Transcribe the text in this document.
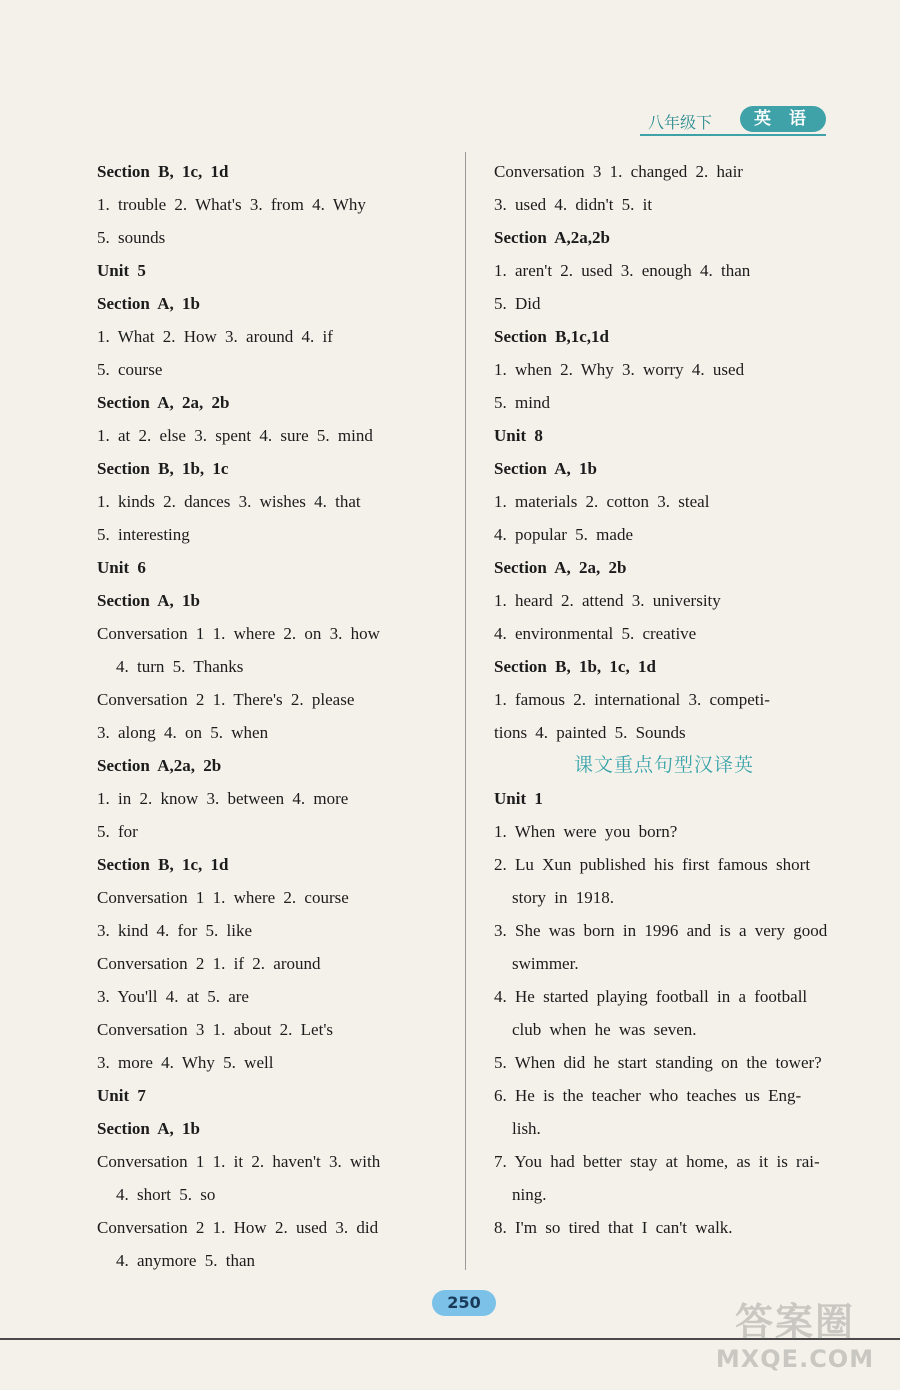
八年级下	英 语
Section B, 1c, 1d
1. trouble 2. What's 3. from 4. Why
5. sounds
Unit 5
Section A, 1b
1. What 2. How 3. around 4. if
5. course
Section A, 2a, 2b
1. at 2. else 3. spent 4. sure 5. mind
Section B, 1b, 1c
1. kinds 2. dances 3. wishes 4. that
5. interesting
Unit 6
Section A, 1b
Conversation 1 1. where 2. on 3. how
4. turn 5. Thanks
Conversation 2 1. There's 2. please
3. along 4. on 5. when
Section A,2a, 2b
1. in 2. know 3. between 4. more
5. for
Section B, 1c, 1d
Conversation 1 1. where 2. course
3. kind 4. for 5. like
Conversation 2 1. if 2. around
3. You'll 4. at 5. are
Conversation 3 1. about 2. Let's
3. more 4. Why 5. well
Unit 7
Section A, 1b
Conversation 1 1. it 2. haven't 3. with
4. short 5. so
Conversation 2 1. How 2. used 3. did
4. anymore 5. than
Conversation 3 1. changed 2. hair
3. used 4. didn't 5. it
Section A,2a,2b
1. aren't 2. used 3. enough 4. than
5. Did
Section B,1c,1d
1. when 2. Why 3. worry 4. used
5. mind
Unit 8
Section A, 1b
1. materials 2. cotton 3. steal
4. popular 5. made
Section A, 2a, 2b
1. heard 2. attend 3. university
4. environmental 5. creative
Section B, 1b, 1c, 1d
1. famous 2. international 3. competi-
tions 4. painted 5. Sounds
课文重点句型汉译英
Unit 1
1. When were you born?
2. Lu Xun published his first famous short
story in 1918.
3. She was born in 1996 and is a very good
swimmer.
4. He started playing football in a football
club when he was seven.
5. When did he start standing on the tower?
6. He is the teacher who teaches us Eng-
lish.
7. You had better stay at home, as it is rai-
ning.
8. I'm so tired that I can't walk.
250	答案圈
MXQE.COM
